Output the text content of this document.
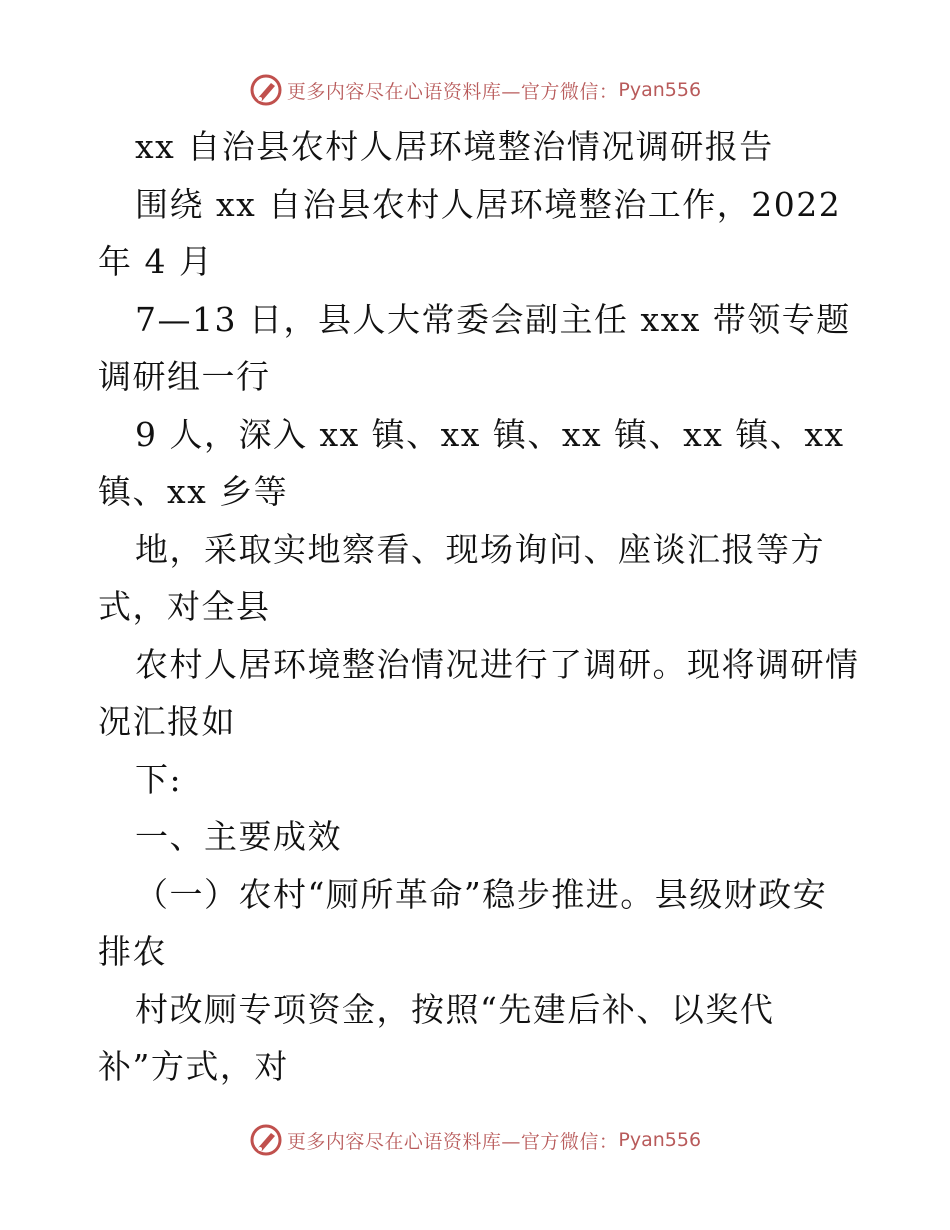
更多内容尽在心语资料库—官方微信： Pyan556
xx 自治县农村人居环境整治情况调研报告
围绕 xx 自治县农村人居环境整治工作，2022
年 4 月
7—13 日，县人大常委会副主任 xxx 带领专题
调研组一行
9 人，深入 xx 镇、xx 镇、xx 镇、xx 镇、xx
镇、xx 乡等
地，采取实地察看、现场询问、座谈汇报等方
式，对全县
农村人居环境整治情况进行了调研。现将调研情
况汇报如
下:
一、主要成效
（一）农村“厕所革命”稳步推进。县级财政安
排农
村改厕专项资金，按照“先建后补、以奖代
补”方式，对
更多内容尽在心语资料库—官方微信： Pyan556
